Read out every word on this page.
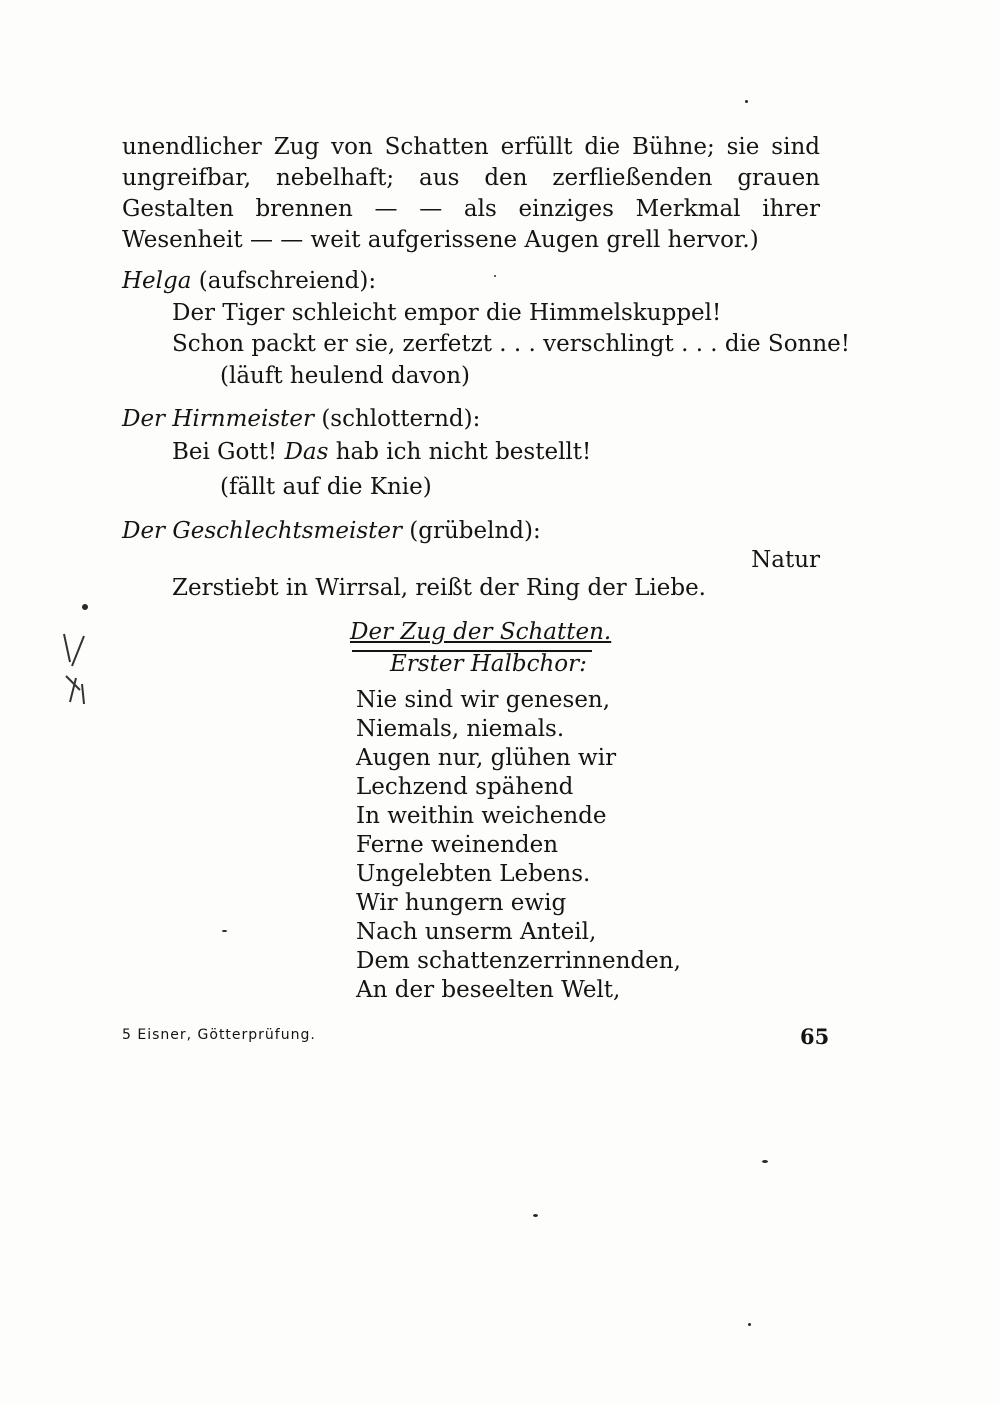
unendlicher Zug von Schatten erfüllt die Bühne; sie sind ungreifbar, nebelhaft; aus den zerfließenden grauen Gestalten brennen — — als einziges Merkmal ihrer Wesenheit — — weit aufgerissene Augen grell hervor.)

Helga (aufschreiend):
Der Tiger schleicht empor die Himmelskuppel!
Schon packt er sie, zerfetzt . . . verschlingt . . . die Sonne!
(läuft heulend davon)
Der Hirnmeister (schlotternd):
Bei Gott! Das hab ich nicht bestellt!
(fällt auf die Knie)
Der Geschlechtsmeister (grübelnd):
Natur
Zerstiebt in Wirrsal, reißt der Ring der Liebe.
Der Zug der Schatten.
Erster Halbchor:
Nie sind wir genesen,
Niemals, niemals.
Augen nur, glühen wir
Lechzend spähend
In weithin weichende
Ferne weinenden
Ungelebten Lebens.
Wir hungern ewig
Nach unserm Anteil,
Dem schattenzerrinnenden,
An der beseelten Welt,
5 Eisner, Götterprüfung.	65
